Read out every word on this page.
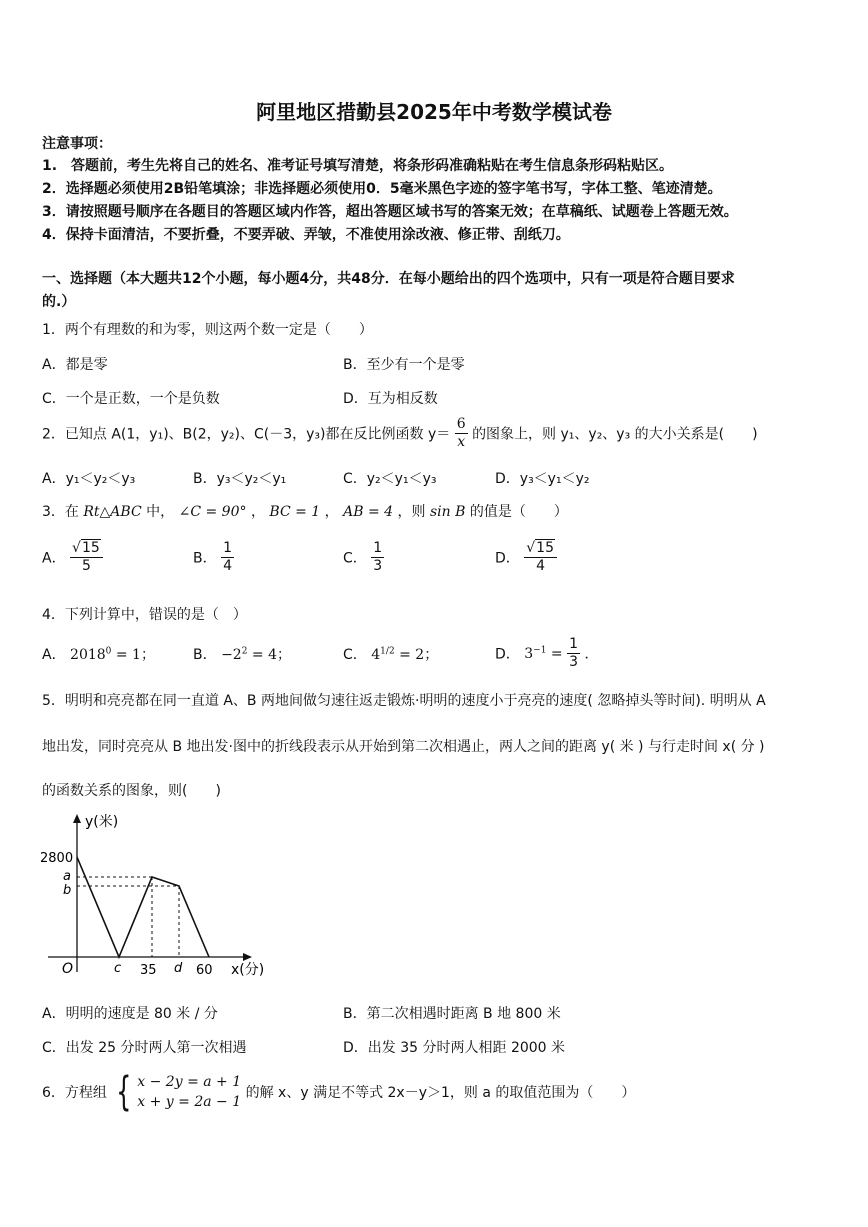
阿里地区措勤县2025年中考数学模试卷
注意事项：
1.　答题前，考生先将自己的姓名、准考证号填写清楚，将条形码准确粘贴在考生信息条形码粘贴区。
2．选择题必须使用2B铅笔填涂；非选择题必须使用0．5毫米黑色字迹的签字笔书写，字体工整、笔迹清楚。
3．请按照题号顺序在各题目的答题区域内作答，超出答题区域书写的答案无效；在草稿纸、试题卷上答题无效。
4．保持卡面清洁，不要折叠，不要弄破、弄皱，不准使用涂改液、修正带、刮纸刀。
一、选择题（本大题共12个小题，每小题4分，共48分．在每小题给出的四个选项中，只有一项是符合题目要求
的.）
1．两个有理数的和为零，则这两个数一定是（　　）
A．都是零	B．至少有一个是零
C．一个是正数，一个是负数	D．互为相反数
2．已知点 A(1，y₁)、B(2，y₂)、C(－3，y₃)都在反比例函数 $y= \frac{6}{x}$ 的图象上，则 y₁、y₂、y₃ 的大小关系是(　　)
A．y₁＜y₂＜y₃	B．y₃＜y₂＜y₁	C．y₂＜y₁＜y₃	D．y₃＜y₁＜y₂
3．在 Rt△ABC 中， ∠C = 90° ， BC = 1 ， AB = 4 ，则 sin B 的值是（　　）
A． $\frac{√15}{5}$	B． $\frac{1}{4}$	C． $\frac{1}{3}$	D． $\frac{√15}{4}$
4．下列计算中，错误的是（　）
A． $2018^0 = 1$；	B． $-2^2 = 4$；	C． $4^{1/2} = 2$；	D． $3^{-1} = \frac{1}{3}$ ．
5．明明和亮亮都在同一直道 A、B 两地间做匀速往返走锻炼·明明的速度小于亮亮的速度( 忽略掉头等时间). 明明从 A
地出发，同时亮亮从 B 地出发·图中的折线段表示从开始到第二次相遇止，两人之间的距离 y( 米 ) 与行走时间 x( 分 )
的函数关系的图象，则(　　)
y(米)
x(分)
O
2800
a
b
c 35 d 60
A．明明的速度是 80 米 / 分	B．第二次相遇时距离 B 地 800 米
C．出发 25 分时两人第一次相遇	D．出发 35 分时两人相距 2000 米
6．方程组 { x − 2y = a + 1
x + y = 2a − 1
的解 x、y 满足不等式 2x－y＞1，则 a 的取值范围为（　　）
